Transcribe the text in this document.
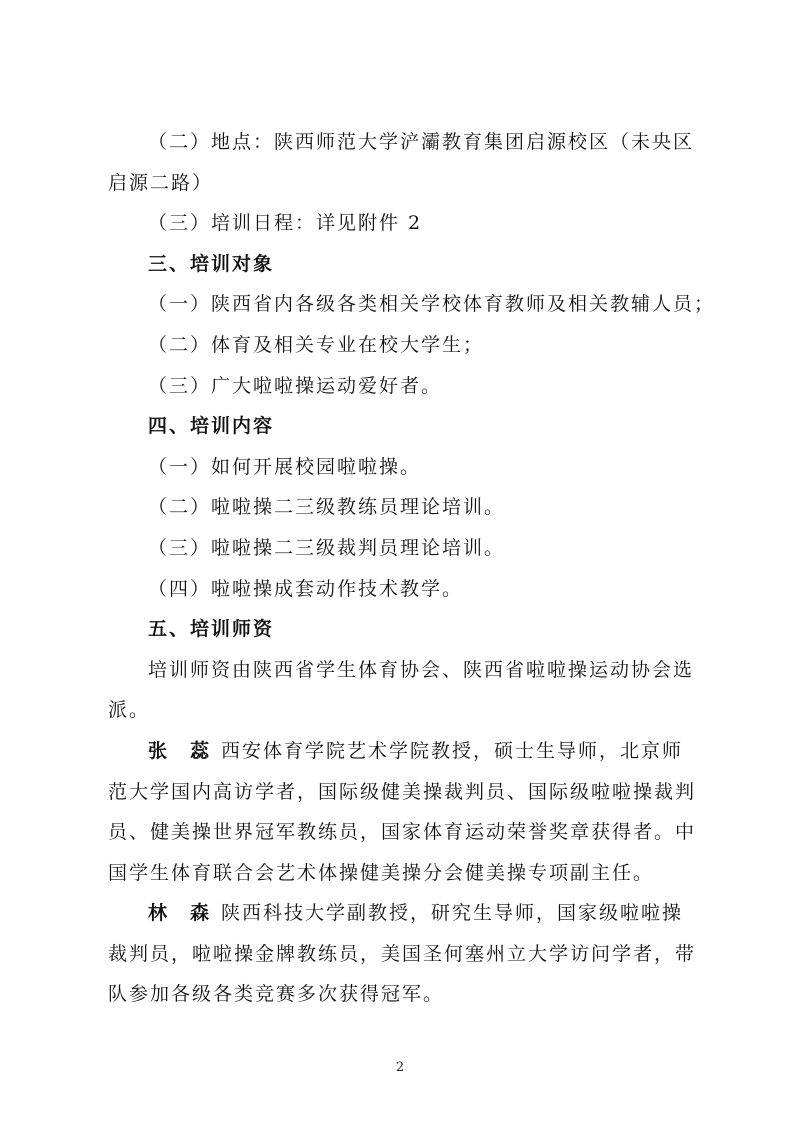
（二）地点：陕西师范大学浐灞教育集团启源校区（未央区
启源二路）
（三）培训日程：详见附件 2
三、培训对象
（一）陕西省内各级各类相关学校体育教师及相关教辅人员；
（二）体育及相关专业在校大学生；
（三）广大啦啦操运动爱好者。
四、培训内容
（一）如何开展校园啦啦操。
（二）啦啦操二三级教练员理论培训。
（三）啦啦操二三级裁判员理论培训。
（四）啦啦操成套动作技术教学。
五、培训师资
培训师资由陕西省学生体育协会、陕西省啦啦操运动协会选
派。
张　蕊 西安体育学院艺术学院教授，硕士生导师，北京师
范大学国内高访学者，国际级健美操裁判员、国际级啦啦操裁判
员、健美操世界冠军教练员，国家体育运动荣誉奖章获得者。中
国学生体育联合会艺术体操健美操分会健美操专项副主任。
林　森 陕西科技大学副教授，研究生导师，国家级啦啦操
裁判员，啦啦操金牌教练员，美国圣何塞州立大学访问学者，带
队参加各级各类竞赛多次获得冠军。
2
